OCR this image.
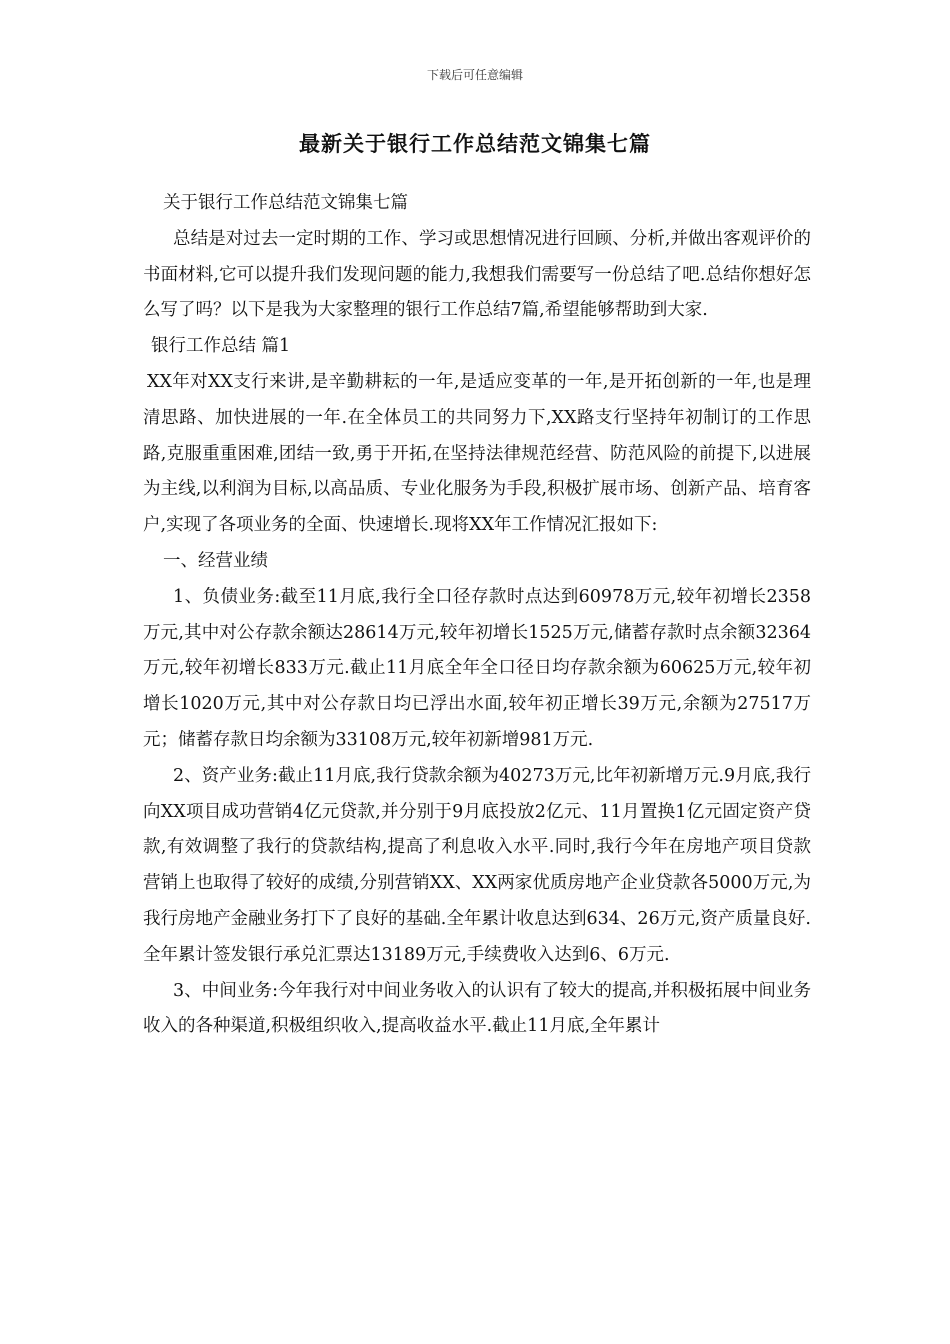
下载后可任意编辑
最新关于银行工作总结范文锦集七篇

关于银行工作总结范文锦集七篇

总结是对过去一定时期的工作、学习或思想情况进行回顾、分析,并做出客观评价的书面材料,它可以提升我们发现问题的能力,我想我们需要写一份总结了吧.总结你想好怎么写了吗？以下是我为大家整理的银行工作总结7篇,希望能够帮助到大家.

银行工作总结 篇1

XX年对XX支行来讲,是辛勤耕耘的一年,是适应变革的一年,是开拓创新的一年,也是理清思路、加快进展的一年.在全体员工的共同努力下,XX路支行坚持年初制订的工作思路,克服重重困难,团结一致,勇于开拓,在坚持法律规范经营、防范风险的前提下,以进展为主线,以利润为目标,以高品质、专业化服务为手段,积极扩展市场、创新产品、培育客户,实现了各项业务的全面、快速增长.现将XX年工作情况汇报如下:

一、经营业绩

1、负债业务:截至11月底,我行全口径存款时点达到60978万元,较年初增长2358万元,其中对公存款余额达28614万元,较年初增长1525万元,储蓄存款时点余额32364万元,较年初增长833万元.截止11月底全年全口径日均存款余额为60625万元,较年初增长1020万元,其中对公存款日均已浮出水面,较年初正增长39万元,余额为27517万元；储蓄存款日均余额为33108万元,较年初新增981万元.

2、资产业务:截止11月底,我行贷款余额为40273万元,比年初新增万元.9月底,我行向XX项目成功营销4亿元贷款,并分别于9月底投放2亿元、11月置换1亿元固定资产贷款,有效调整了我行的贷款结构,提高了利息收入水平.同时,我行今年在房地产项目贷款营销上也取得了较好的成绩,分别营销XX、XX两家优质房地产企业贷款各5000万元,为我行房地产金融业务打下了良好的基础.全年累计收息达到634、26万元,资产质量良好.全年累计签发银行承兑汇票达13189万元,手续费收入达到6、6万元.

3、中间业务:今年我行对中间业务收入的认识有了较大的提高,并积极拓展中间业务收入的各种渠道,积极组织收入,提高收益水平.截止11月底,全年累计
